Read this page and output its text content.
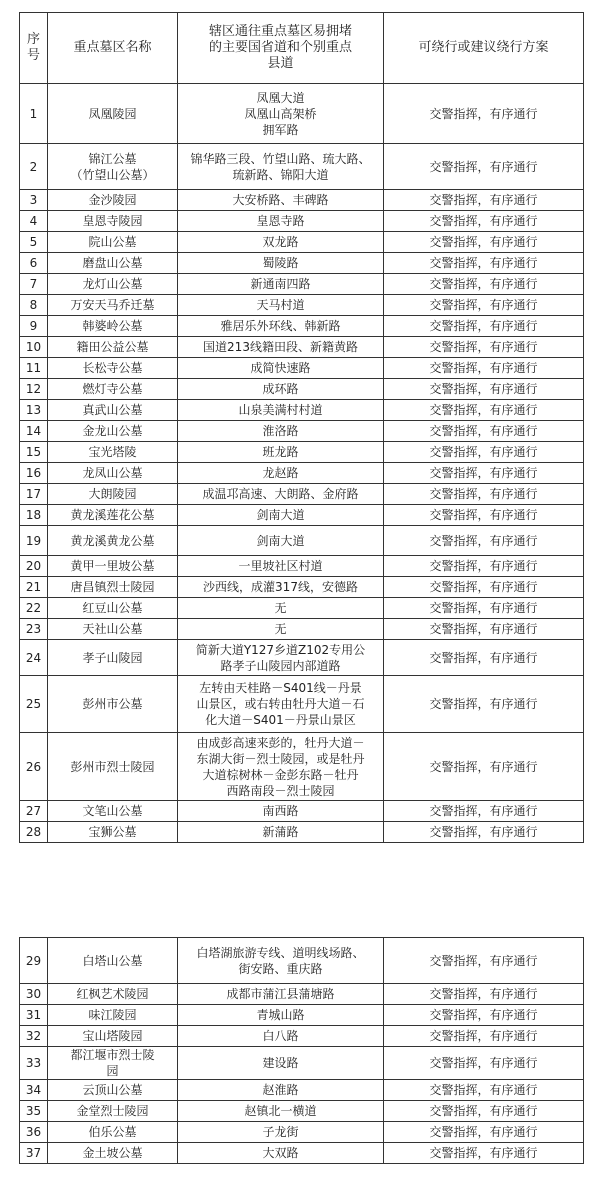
序
号	重点墓区名称	辖区通往重点墓区易拥堵
的主要国省道和个别重点
县道	可绕行或建议绕行方案
1	凤凰陵园	凤凰大道
凤凰山高架桥
拥军路	交警指挥，有序通行
2	锦江公墓
（竹望山公墓）	锦华路三段、竹望山路、琉大路、
琉新路、锦阳大道	交警指挥，有序通行
3	金沙陵园	大安桥路、丰碑路	交警指挥，有序通行
4	皇恩寺陵园	皇恩寺路	交警指挥，有序通行
5	院山公墓	双龙路	交警指挥，有序通行
6	磨盘山公墓	蜀陵路	交警指挥，有序通行
7	龙灯山公墓	新通南四路	交警指挥，有序通行
8	万安天马乔迁墓	天马村道	交警指挥，有序通行
9	韩婆岭公墓	雅居乐外环线、韩新路	交警指挥，有序通行
10	籍田公益公墓	国道213线籍田段、新籍黄路	交警指挥，有序通行
11	长松寺公墓	成简快速路	交警指挥，有序通行
12	燃灯寺公墓	成环路	交警指挥，有序通行
13	真武山公墓	山泉美满村村道	交警指挥，有序通行
14	金龙山公墓	淮洛路	交警指挥，有序通行
15	宝光塔陵	班龙路	交警指挥，有序通行
16	龙凤山公墓	龙赵路	交警指挥，有序通行
17	大朗陵园	成温邛高速、大朗路、金府路	交警指挥，有序通行
18	黄龙溪莲花公墓	剑南大道	交警指挥，有序通行
19	黄龙溪黄龙公墓	剑南大道	交警指挥，有序通行
20	黄甲一里坡公墓	一里坡社区村道	交警指挥，有序通行
21	唐昌镇烈士陵园	沙西线，成灌317线，安德路	交警指挥，有序通行
22	红豆山公墓	无	交警指挥，有序通行
23	天社山公墓	无	交警指挥，有序通行
24	孝子山陵园	简新大道Y127乡道Z102专用公
路孝子山陵园内部道路	交警指挥，有序通行
25	彭州市公墓	左转由天桂路－S401线－丹景
山景区，或右转由牡丹大道－石
化大道－S401－丹景山景区	交警指挥，有序通行
26	彭州市烈士陵园	由成彭高速来彭的，牡丹大道－
东湖大街－烈士陵园，或是牡丹
大道棕树林－金彭东路－牡丹
西路南段－烈士陵园	交警指挥，有序通行
27	文笔山公墓	南西路	交警指挥，有序通行
28	宝狮公墓	新蒲路	交警指挥，有序通行
29	白塔山公墓	白塔湖旅游专线、道明线场路、
街安路、重庆路	交警指挥，有序通行
30	红枫艺术陵园	成都市蒲江县蒲塘路	交警指挥，有序通行
31	味江陵园	青城山路	交警指挥，有序通行
32	宝山塔陵园	白八路	交警指挥，有序通行
33	都江堰市烈士陵
园	建设路	交警指挥，有序通行
34	云顶山公墓	赵淮路	交警指挥，有序通行
35	金堂烈士陵园	赵镇北一横道	交警指挥，有序通行
36	伯乐公墓	子龙街	交警指挥，有序通行
37	金土坡公墓	大双路	交警指挥，有序通行
